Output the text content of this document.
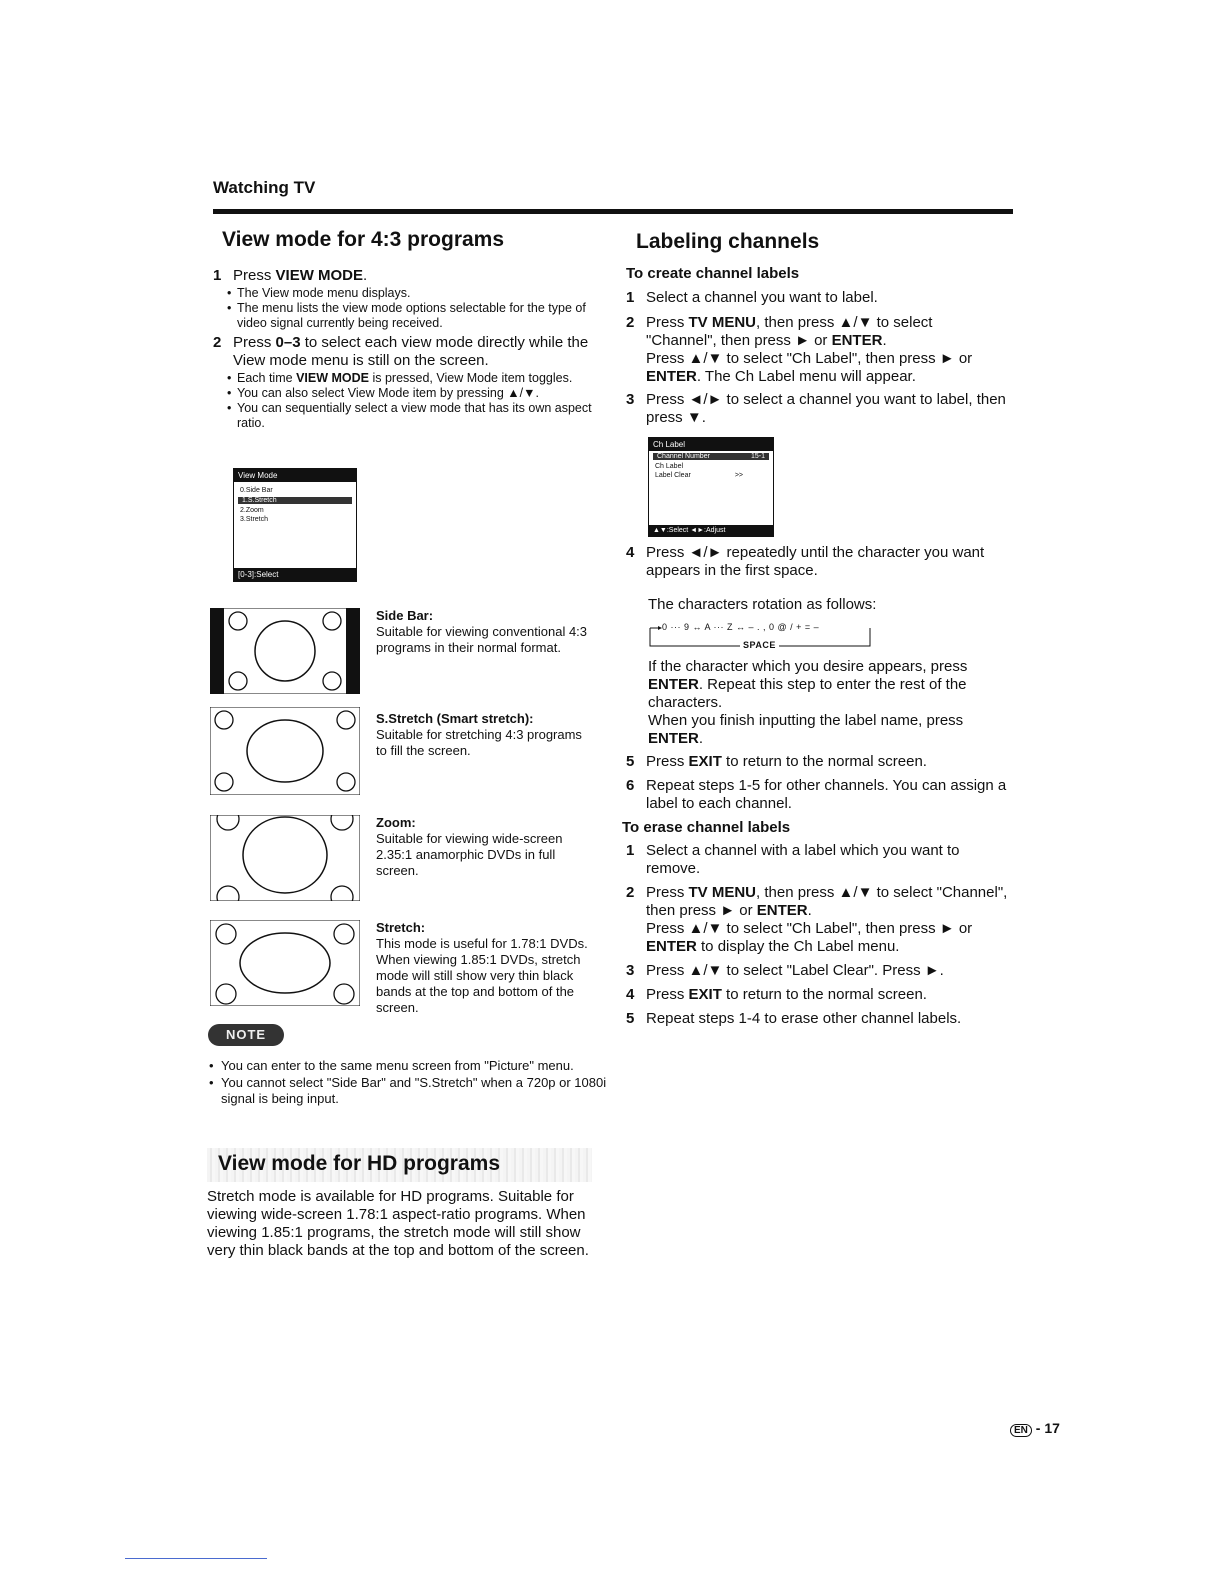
Watching TV
View mode for 4:3 programs
1 Press VIEW MODE.
• The View mode menu displays.
• The menu lists the view mode options selectable for the type of video signal currently being received.
2 Press 0–3 to select each view mode directly while the View mode menu is still on the screen.
• Each time VIEW MODE is pressed, View Mode item toggles.
• You can also select View Mode item by pressing ▲/▼.
• You can sequentially select a view mode that has its own aspect ratio.
View Mode
0.Side Bar
1.S.Stretch
2.Zoom
3.Stretch
[0-3]:Select
Side Bar:
Suitable for viewing conventional 4:3 programs in their normal format.
S.Stretch (Smart stretch):
Suitable for stretching 4:3 programs to fill the screen.
Zoom:
Suitable for viewing wide-screen 2.35:1 anamorphic DVDs in full screen.
Stretch:
This mode is useful for 1.78:1 DVDs. When viewing 1.85:1 DVDs, stretch mode will still show very thin black bands at the top and bottom of the screen.
NOTE
• You can enter to the same menu screen from "Picture" menu.
• You cannot select "Side Bar" and "S.Stretch" when a 720p or 1080i signal is being input.
View mode for HD programs
Stretch mode is available for HD programs. Suitable for viewing wide-screen 1.78:1 aspect-ratio programs. When viewing 1.85:1 programs, the stretch mode will still show very thin black bands at the top and bottom of the screen.
Labeling channels
To create channel labels
1 Select a channel you want to label.
2 Press TV MENU, then press ▲/▼ to select "Channel", then press ► or ENTER.
Press ▲/▼ to select "Ch Label", then press ► or ENTER. The Ch Label menu will appear.
3 Press ◄/► to select a channel you want to label, then press ▼.
Ch Label
Channel Number	15-1
Ch Label
Label Clear	>>
▲▼:Select ◄►:Adjust
4 Press ◄/► repeatedly until the character you want appears in the first space.
The characters rotation as follows:
0 ··· 9 ↔ A ··· Z ↔ – . , 0 @ / + = –
SPACE
If the character which you desire appears, press ENTER. Repeat this step to enter the rest of the characters.
When you finish inputting the label name, press ENTER.
5 Press EXIT to return to the normal screen.
6 Repeat steps 1-5 for other channels. You can assign a label to each channel.
To erase channel labels
1 Select a channel with a label which you want to remove.
2 Press TV MENU, then press ▲/▼ to select "Channel", then press ► or ENTER.
Press ▲/▼ to select "Ch Label", then press ► or ENTER to display the Ch Label menu.
3 Press ▲/▼ to select "Label Clear". Press ►.
4 Press EXIT to return to the normal screen.
5 Repeat steps 1-4 to erase other channel labels.
EN - 17
